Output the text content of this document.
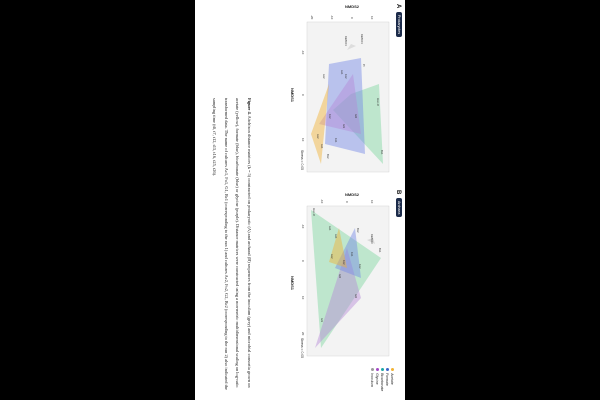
A
Prokaryotes
NMDS2
NMDS1
Stress = 0.05
-20	-10	0	10
-10
0
10
RWDO4
RWDO4
Pl
Ac1
Fo2
Ac2
Ac1
Bc1
Gl1
Gl2
Fo1
Bc2
Ac2
Fo2
Inoc-t0
B
Archaea
NMDS2
NMDS1
Stress = 0.05
-10	0	10
-10
0
10
20
Inoc-t0
Gl1
Gl2
Bc1
Bc2
Fo1
Fo2
Ac1
Ac2
RWDO3
Fo2
Ac1
Gl2
Acetate
Formate
Bicarbonate
Glycine
Inoculum
Figure 4. Aitchison distance matrices (k = 5) constructed on prokaryotic (A) and archaeal (B) sequences from the inoculum (grey) and microbial consortia grown on acetate (yellow), formate (blue), bicarbonate (blue) or glycine (purple). Distance matrices were constructed using a non-metric multidimensional scaling on log-ratio transformed data. The name of cultures Ac1, Fo1, G1, Bc1 (corresponding to the run 1) and cultures Ac2, Fo2, G2, Bc2 (corresponding to the run 2) also indicated the sampling time (t0, t7, t12, t15, t16, t25, t26).
